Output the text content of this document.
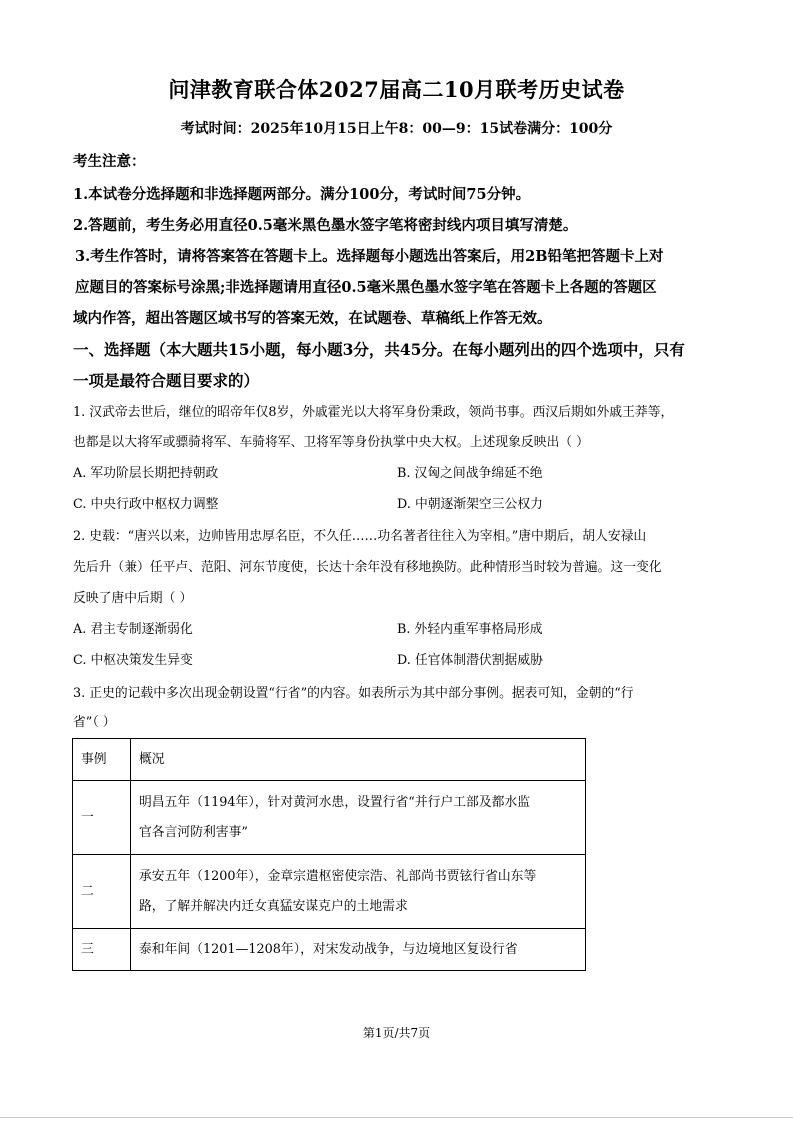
问津教育联合体2027届高二10月联考历史试卷
考试时间：2025年10月15日上午8：00—9：15试卷满分：100分
考生注意：
1.本试卷分选择题和非选择题两部分。满分100分，考试时间75分钟。
2.答题前，考生务必用直径0.5毫米黑色墨水签字笔将密封线内项目填写清楚。
3.考生作答时，请将答案答在答题卡上。选择题每小题选出答案后，用2B铅笔把答题卡上对
应题目的答案标号涂黑;非选择题请用直径0.5毫米黑色墨水签字笔在答题卡上各题的答题区
域内作答，超出答题区域书写的答案无效，在试题卷、草稿纸上作答无效。
一、选择题（本大题共15小题，每小题3分，共45分。在每小题列出的四个选项中，只有
一项是最符合题目要求的）
1. 汉武帝去世后，继位的昭帝年仅8岁，外戚霍光以大将军身份秉政，领尚书事。西汉后期如外戚王莽等，
也都是以大将军或骠骑将军、车骑将军、卫将军等身份执掌中央大权。上述现象反映出（ ）
A. 军功阶层长期把持朝政	B. 汉匈之间战争绵延不绝
C. 中央行政中枢权力调整	D. 中朝逐渐架空三公权力
2. 史载：“唐兴以来，边帅皆用忠厚名臣，不久任……功名著者往往入为宰相。”唐中期后，胡人安禄山
先后升（兼）任平卢、范阳、河东节度使，长达十余年没有移地换防。此种情形当时较为普遍。这一变化
反映了唐中后期（ ）
A. 君主专制逐渐弱化	B. 外轻内重军事格局形成
C. 中枢决策发生异变	D. 任官体制潜伏割据威胁
3. 正史的记载中多次出现金朝设置“行省”的内容。如表所示为其中部分事例。据表可知，金朝的“行
省”（ ）
事例	概况
一	明昌五年（1194年），针对黄河水患，设置行省“并行户工部及都水监
官各言河防利害事”

二	承安五年（1200年），金章宗遣枢密使宗浩、礼部尚书贾铉行省山东等
路，了解并解决内迁女真猛安谋克户的土地需求

三	泰和年间（1201—1208年），对宋发动战争，与边境地区复设行省
第1页/共7页
